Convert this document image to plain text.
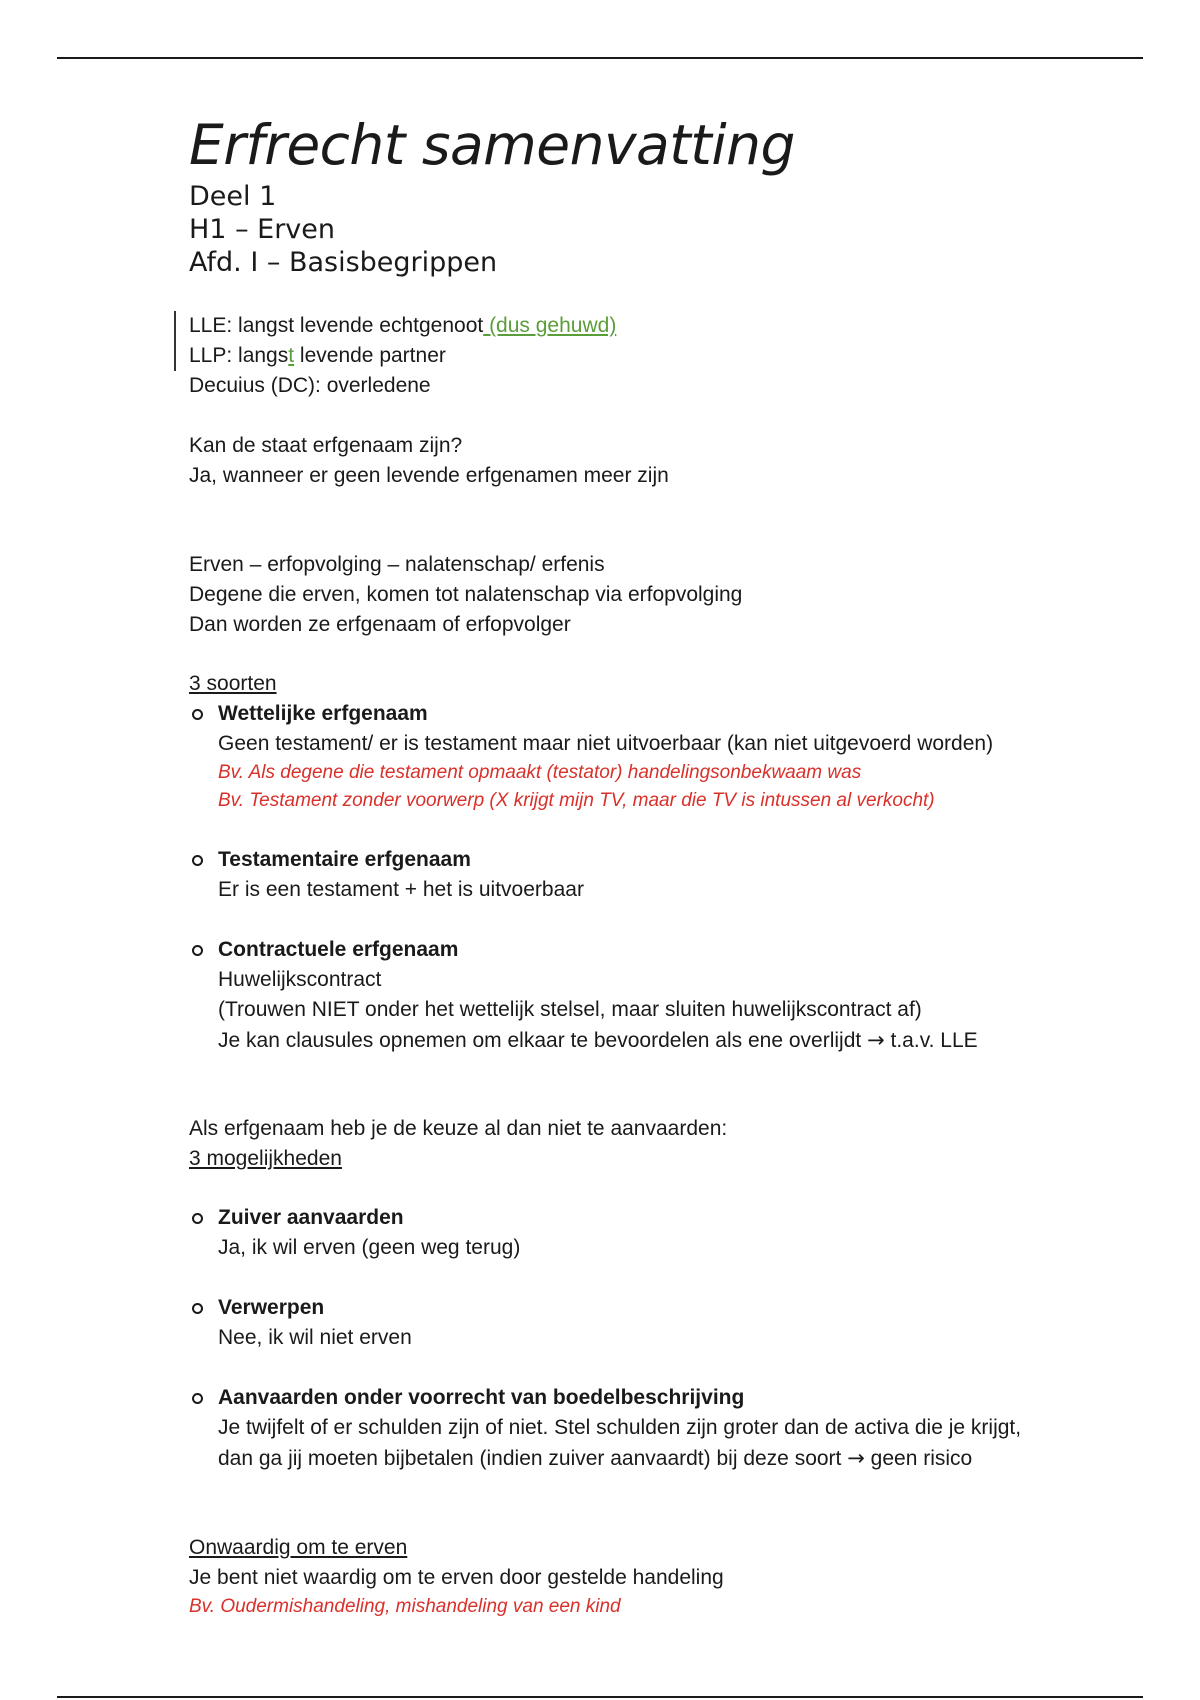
Erfrecht samenvatting

Deel 1

H1 – Erven

Afd. I – Basisbegrippen

LLE: langst levende echtgenoot (dus gehuwd)

LLP: langst levende partner

Decuius (DC): overledene

Kan de staat erfgenaam zijn?

Ja, wanneer er geen levende erfgenamen meer zijn

Erven – erfopvolging – nalatenschap/ erfenis

Degene die erven, komen tot nalatenschap via erfopvolging

Dan worden ze erfgenaam of erfopvolger

3 soorten

Wettelijke erfgenaam

Geen testament/ er is testament maar niet uitvoerbaar (kan niet uitgevoerd worden)

Bv. Als degene die testament opmaakt (testator) handelingsonbekwaam was

Bv. Testament zonder voorwerp (X krijgt mijn TV, maar die TV is intussen al verkocht)

Testamentaire erfgenaam

Er is een testament + het is uitvoerbaar

Contractuele erfgenaam

Huwelijkscontract

(Trouwen NIET onder het wettelijk stelsel, maar sluiten huwelijkscontract af)

Je kan clausules opnemen om elkaar te bevoordelen als ene overlijdt → t.a.v. LLE

Als erfgenaam heb je de keuze al dan niet te aanvaarden:

3 mogelijkheden

Zuiver aanvaarden

Ja, ik wil erven (geen weg terug)

Verwerpen

Nee, ik wil niet erven

Aanvaarden onder voorrecht van boedelbeschrijving

Je twijfelt of er schulden zijn of niet. Stel schulden zijn groter dan de activa die je krijgt,

dan ga jij moeten bijbetalen (indien zuiver aanvaardt) bij deze soort → geen risico

Onwaardig om te erven

Je bent niet waardig om te erven door gestelde handeling

Bv. Oudermishandeling, mishandeling van een kind
